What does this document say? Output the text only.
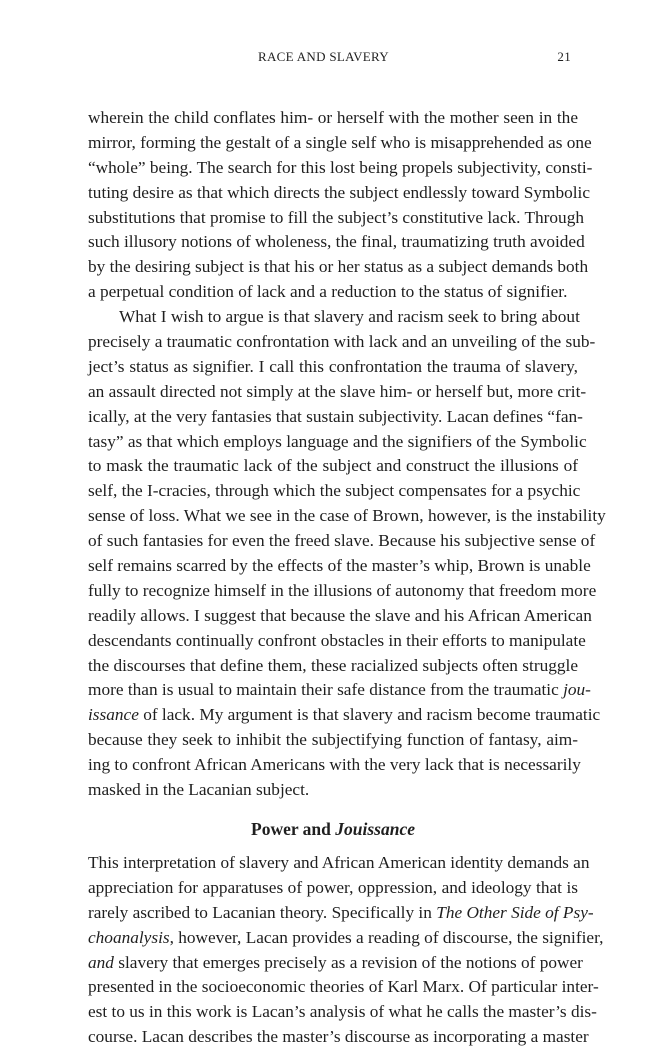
RACE AND SLAVERY	21
wherein the child conflates him- or herself with the mother seen in the
mirror, forming the gestalt of a single self who is misapprehended as one
“whole” being. The search for this lost being propels subjectivity, consti-
tuting desire as that which directs the subject endlessly toward Symbolic
substitutions that promise to fill the subject’s constitutive lack. Through
such illusory notions of wholeness, the final, traumatizing truth avoided
by the desiring subject is that his or her status as a subject demands both
a perpetual condition of lack and a reduction to the status of signifier.
What I wish to argue is that slavery and racism seek to bring about
precisely a traumatic confrontation with lack and an unveiling of the sub-
ject’s status as signifier. I call this confrontation the trauma of slavery,
an assault directed not simply at the slave him- or herself but, more crit-
ically, at the very fantasies that sustain subjectivity. Lacan defines “fan-
tasy” as that which employs language and the signifiers of the Symbolic
to mask the traumatic lack of the subject and construct the illusions of
self, the I-cracies, through which the subject compensates for a psychic
sense of loss. What we see in the case of Brown, however, is the instability
of such fantasies for even the freed slave. Because his subjective sense of
self remains scarred by the effects of the master’s whip, Brown is unable
fully to recognize himself in the illusions of autonomy that freedom more
readily allows. I suggest that because the slave and his African American
descendants continually confront obstacles in their efforts to manipulate
the discourses that define them, these racialized subjects often struggle
more than is usual to maintain their safe distance from the traumatic jou-
issance of lack. My argument is that slavery and racism become traumatic
because they seek to inhibit the subjectifying function of fantasy, aim-
ing to confront African Americans with the very lack that is necessarily
masked in the Lacanian subject.
Power and Jouissance
This interpretation of slavery and African American identity demands an
appreciation for apparatuses of power, oppression, and ideology that is
rarely ascribed to Lacanian theory. Specifically in The Other Side of Psy-
choanalysis, however, Lacan provides a reading of discourse, the signifier,
and slavery that emerges precisely as a revision of the notions of power
presented in the socioeconomic theories of Karl Marx. Of particular inter-
est to us in this work is Lacan’s analysis of what he calls the master’s dis-
course. Lacan describes the master’s discourse as incorporating a master
